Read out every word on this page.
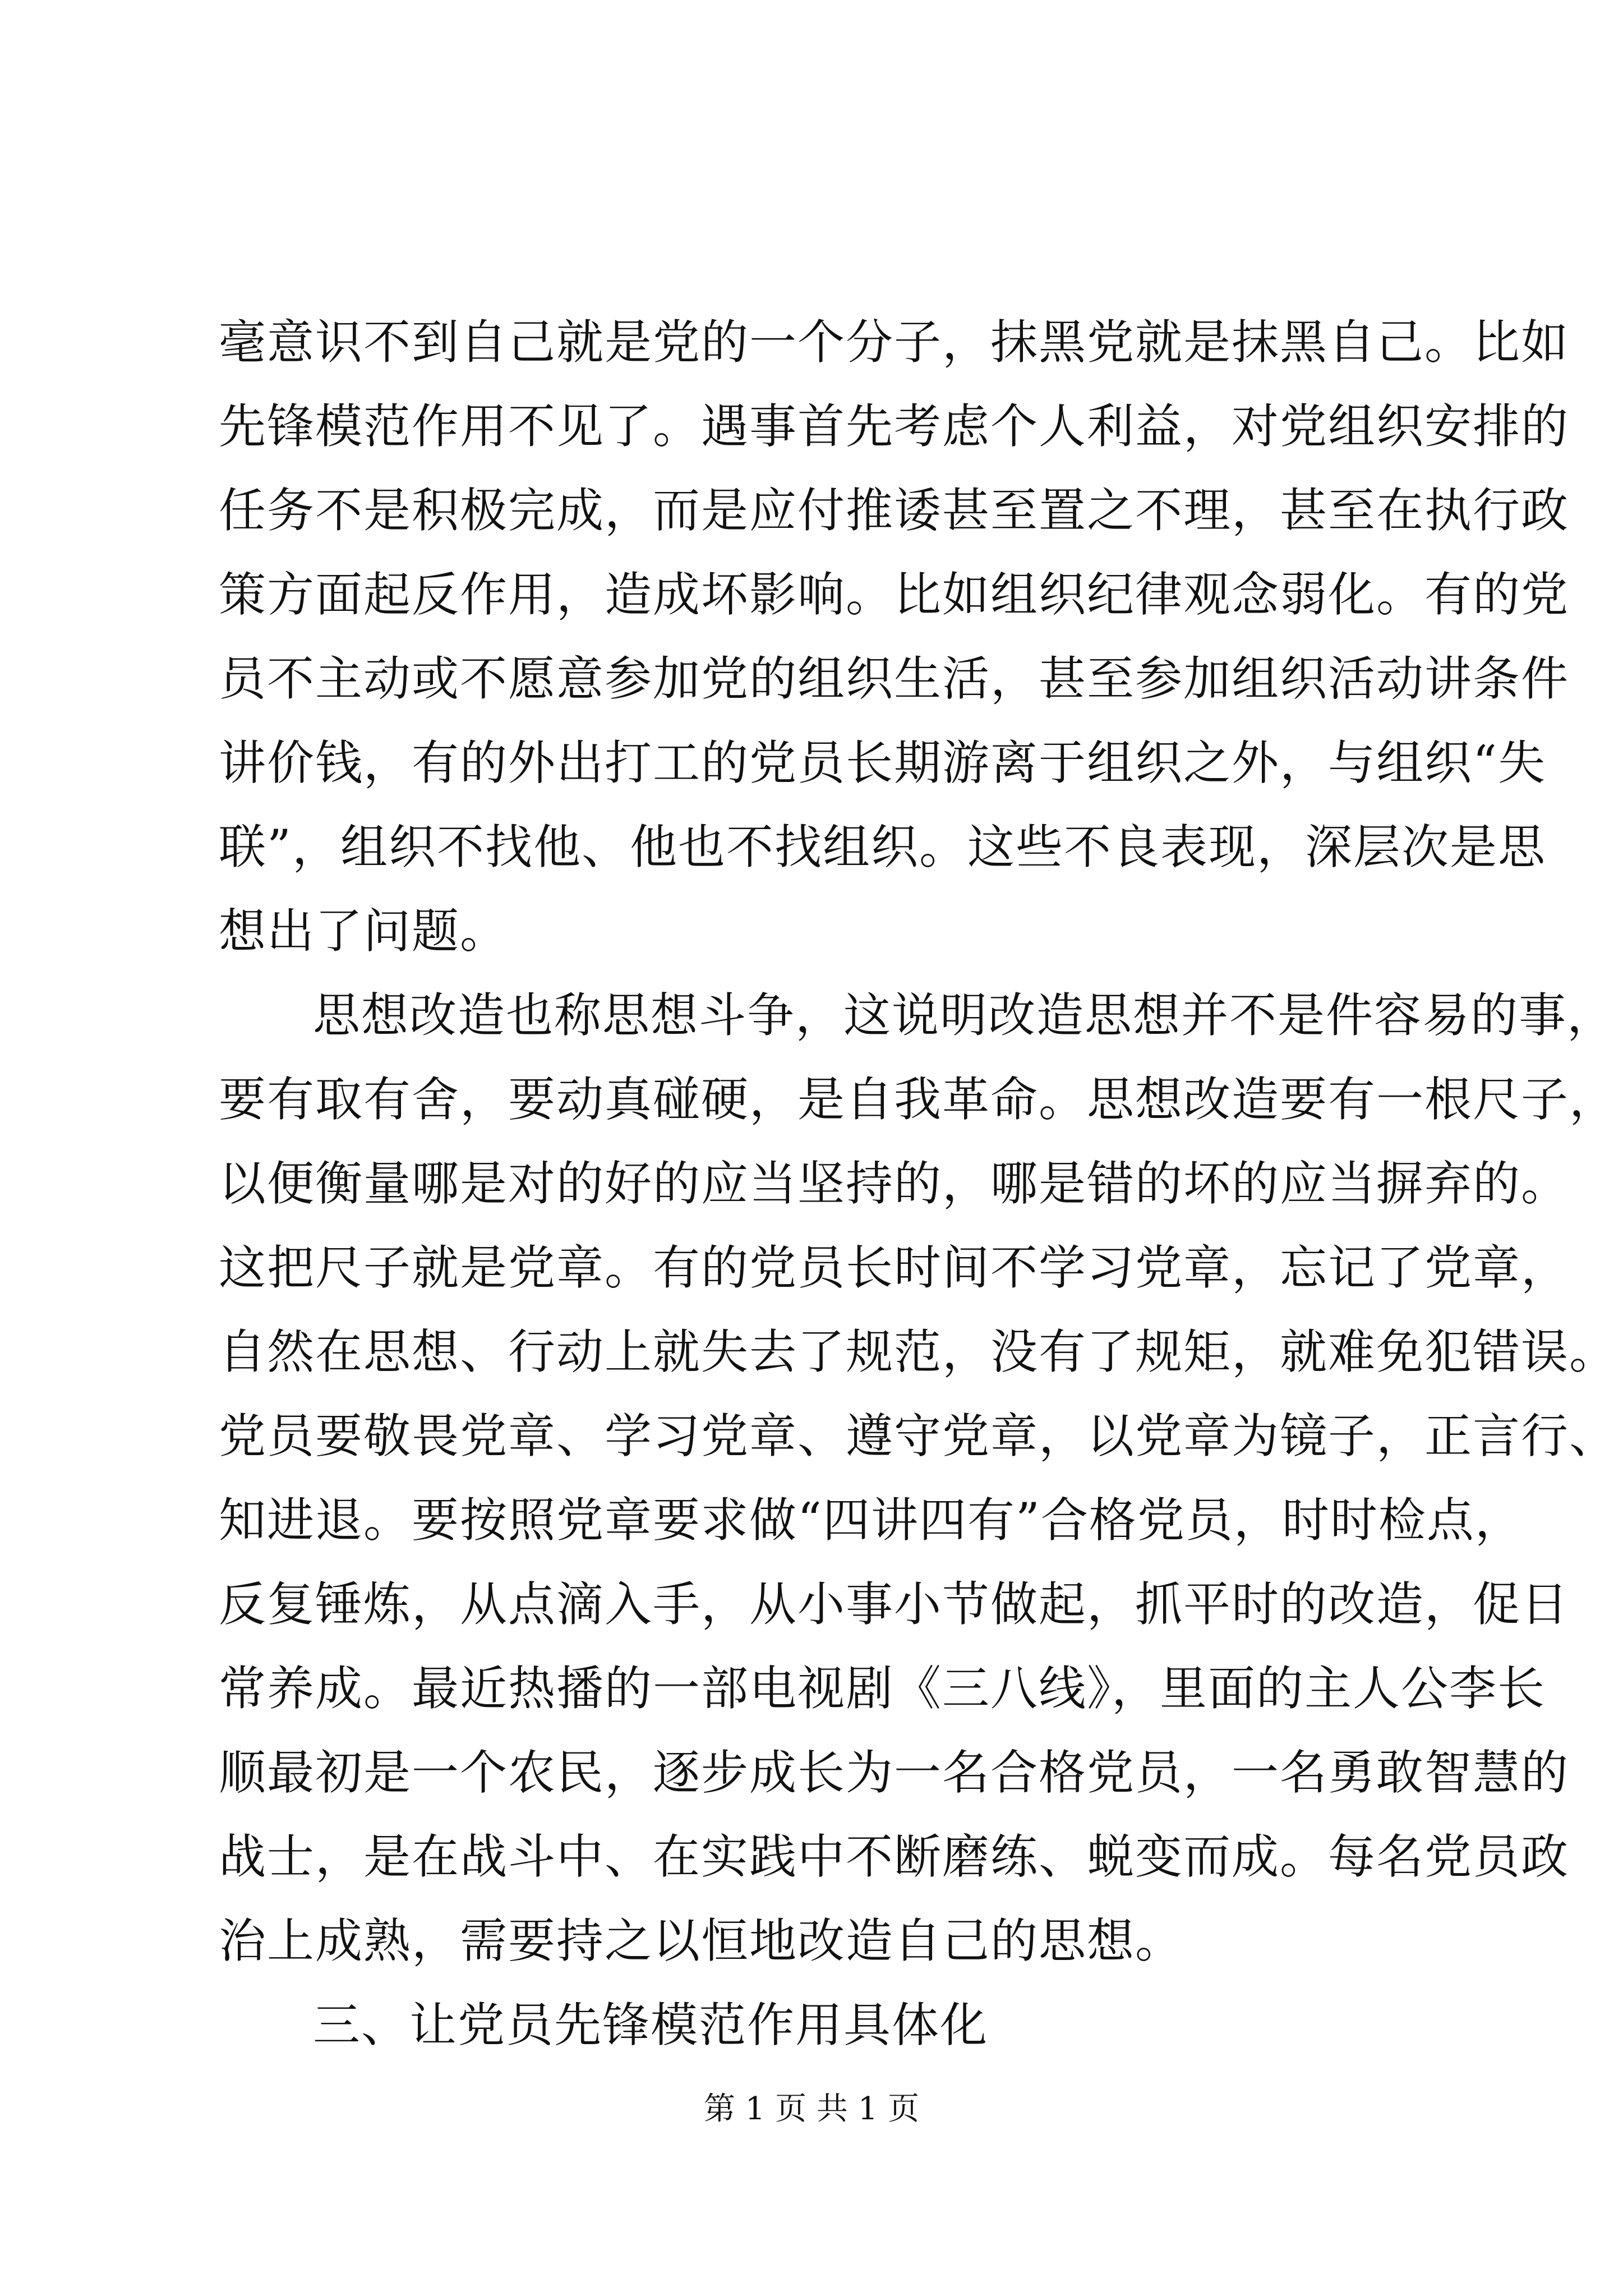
毫意识不到自己就是党的一个分子，抹黑党就是抹黑自己。比如
先锋模范作用不见了。遇事首先考虑个人利益，对党组织安排的
任务不是积极完成，而是应付推诿甚至置之不理，甚至在执行政
策方面起反作用，造成坏影响。比如组织纪律观念弱化。有的党
员不主动或不愿意参加党的组织生活，甚至参加组织活动讲条件
讲价钱，有的外出打工的党员长期游离于组织之外，与组织“失
联”，组织不找他、他也不找组织。这些不良表现，深层次是思
想出了问题。
思想改造也称思想斗争，这说明改造思想并不是件容易的事，
要有取有舍，要动真碰硬，是自我革命。思想改造要有一根尺子，
以便衡量哪是对的好的应当坚持的，哪是错的坏的应当摒弃的。
这把尺子就是党章。有的党员长时间不学习党章，忘记了党章，
自然在思想、行动上就失去了规范，没有了规矩，就难免犯错误。
党员要敬畏党章、学习党章、遵守党章，以党章为镜子，正言行、
知进退。要按照党章要求做“四讲四有”合格党员，时时检点，
反复锤炼，从点滴入手，从小事小节做起，抓平时的改造，促日
常养成。最近热播的一部电视剧《三八线》，里面的主人公李长
顺最初是一个农民，逐步成长为一名合格党员，一名勇敢智慧的
战士，是在战斗中、在实践中不断磨练、蜕变而成。每名党员政
治上成熟，需要持之以恒地改造自己的思想。
三、让党员先锋模范作用具体化
第 1 页 共 1 页
